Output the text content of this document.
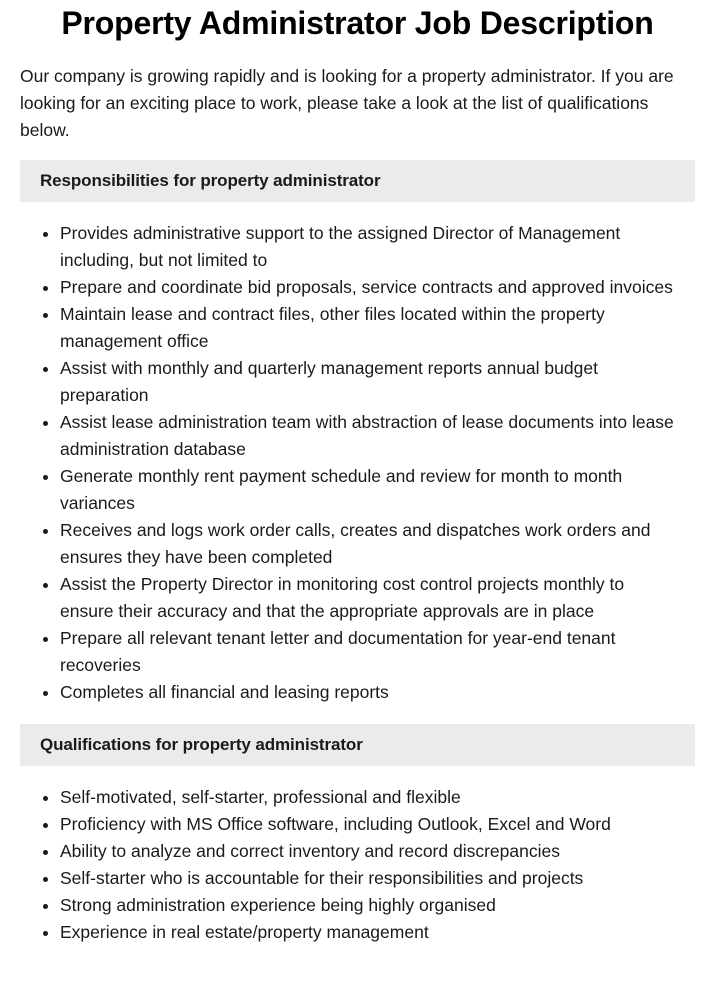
Property Administrator Job Description

Our company is growing rapidly and is looking for a property administrator. If you are looking for an exciting place to work, please take a look at the list of qualifications below.

Responsibilities for property administrator
Provides administrative support to the assigned Director of Management including, but not limited to
Prepare and coordinate bid proposals, service contracts and approved invoices
Maintain lease and contract files, other files located within the property management office
Assist with monthly and quarterly management reports annual budget preparation
Assist lease administration team with abstraction of lease documents into lease administration database
Generate monthly rent payment schedule and review for month to month variances
Receives and logs work order calls, creates and dispatches work orders and ensures they have been completed
Assist the Property Director in monitoring cost control projects monthly to ensure their accuracy and that the appropriate approvals are in place
Prepare all relevant tenant letter and documentation for year-end tenant recoveries
Completes all financial and leasing reports
Qualifications for property administrator
Self-motivated, self-starter, professional and flexible
Proficiency with MS Office software, including Outlook, Excel and Word
Ability to analyze and correct inventory and record discrepancies
Self-starter who is accountable for their responsibilities and projects
Strong administration experience being highly organised
Experience in real estate/property management
